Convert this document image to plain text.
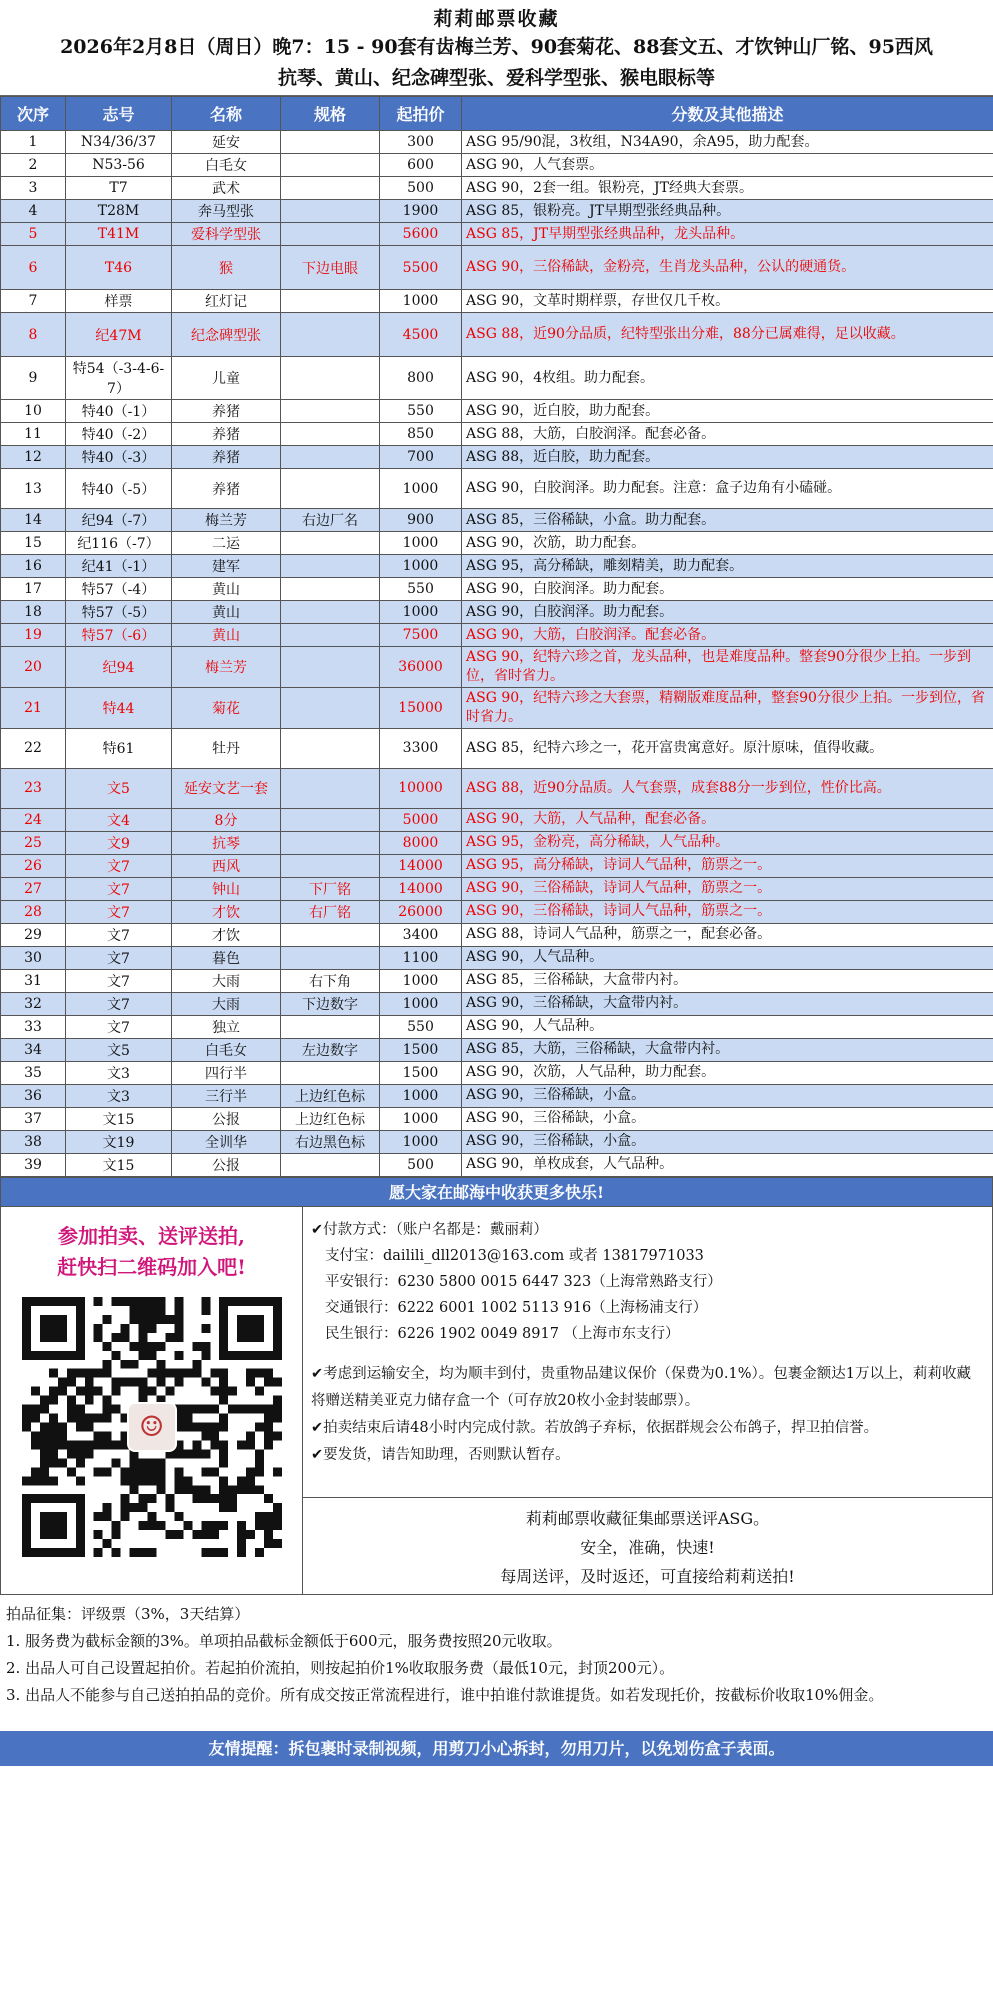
莉莉邮票收藏
2026年2月8日（周日）晚7：15 - 90套有齿梅兰芳、90套菊花、88套文五、才饮钟山厂铭、95西风
抗琴、黄山、纪念碑型张、爱科学型张、猴电眼标等
次序	志号	名称	规格	起拍价	分数及其他描述
1	N34/36/37	延安		300	ASG 95/90混，3枚组，N34A90，余A95，助力配套。
2	N53-56	白毛女		600	ASG 90，人气套票。
3	T7	武术		500	ASG 90，2套一组。银粉亮，JT经典大套票。
4	T28M	奔马型张		1900	ASG 85，银粉亮。JT早期型张经典品种。
5	T41M	爱科学型张		5600	ASG 85，JT早期型张经典品种，龙头品种。
6	T46	猴	下边电眼	5500	ASG 90，三俗稀缺，金粉亮，生肖龙头品种，公认的硬通货。
7	样票	红灯记		1000	ASG 90，文革时期样票，存世仅几千枚。
8	纪47M	纪念碑型张		4500	ASG 88，近90分品质，纪特型张出分难，88分已属难得，足以收藏。
9	特54（-3-4-6-7）	儿童		800	ASG 90，4枚组。助力配套。
10	特40（-1）	养猪		550	ASG 90，近白胶，助力配套。
11	特40（-2）	养猪		850	ASG 88，大筋，白胶润泽。配套必备。
12	特40（-3）	养猪		700	ASG 88，近白胶，助力配套。
13	特40（-5）	养猪		1000	ASG 90，白胶润泽。助力配套。注意：盒子边角有小磕碰。
14	纪94（-7）	梅兰芳	右边厂名	900	ASG 85，三俗稀缺，小盒。助力配套。
15	纪116（-7）	二运		1000	ASG 90，次筋，助力配套。
16	纪41（-1）	建军		1000	ASG 95，高分稀缺，雕刻精美，助力配套。
17	特57（-4）	黄山		550	ASG 90，白胶润泽。助力配套。
18	特57（-5）	黄山		1000	ASG 90，白胶润泽。助力配套。
19	特57（-6）	黄山		7500	ASG 90，大筋，白胶润泽。配套必备。
20	纪94	梅兰芳		36000	ASG 90，纪特六珍之首，龙头品种，也是难度品种。整套90分很少上拍。一步到位，省时省力。
21	特44	菊花		15000	ASG 90，纪特六珍之大套票，精糊版难度品种，整套90分很少上拍。一步到位，省时省力。
22	特61	牡丹		3300	ASG 85，纪特六珍之一，花开富贵寓意好。原汁原味，值得收藏。
23	文5	延安文艺一套		10000	ASG 88，近90分品质。人气套票，成套88分一步到位，性价比高。
24	文4	8分		5000	ASG 90，大筋，人气品种，配套必备。
25	文9	抗琴		8000	ASG 95，金粉亮，高分稀缺，人气品种。
26	文7	西风		14000	ASG 95，高分稀缺，诗词人气品种，筋票之一。
27	文7	钟山	下厂铭	14000	ASG 90，三俗稀缺，诗词人气品种，筋票之一。
28	文7	才饮	右厂铭	26000	ASG 90，三俗稀缺，诗词人气品种，筋票之一。
29	文7	才饮		3400	ASG 88，诗词人气品种，筋票之一，配套必备。
30	文7	暮色		1100	ASG 90，人气品种。
31	文7	大雨	右下角	1000	ASG 85，三俗稀缺，大盒带内衬。
32	文7	大雨	下边数字	1000	ASG 90，三俗稀缺，大盒带内衬。
33	文7	独立		550	ASG 90，人气品种。
34	文5	白毛女	左边数字	1500	ASG 85，大筋，三俗稀缺，大盒带内衬。
35	文3	四行半		1500	ASG 90，次筋，人气品种，助力配套。
36	文3	三行半	上边红色标	1000	ASG 90，三俗稀缺，小盒。
37	文15	公报	上边红色标	1000	ASG 90，三俗稀缺，小盒。
38	文19	全训华	右边黑色标	1000	ASG 90，三俗稀缺，小盒。
39	文15	公报		500	ASG 90，单枚成套，人气品种。
愿大家在邮海中收获更多快乐!
参加拍卖、送评送拍,
赶快扫二维码加入吧!
☺
✔付款方式：（账户名都是：戴丽莉）
支付宝：dailili_dll2013@163.com 或者 13817971033
平安银行：6230 5800 0015 6447 323（上海常熟路支行）
交通银行：6222 6001 1002 5113 916（上海杨浦支行）
民生银行：6226 1902 0049 8917 （上海市东支行）
✔考虑到运输安全，均为顺丰到付，贵重物品建议保价（保费为0.1%）。包裹金额达1万以上，莉莉收藏将赠送精美亚克力储存盒一个（可存放20枚小金封装邮票）。
✔拍卖结束后请48小时内完成付款。若放鸽子弃标，依据群规会公布鸽子，捍卫拍信誉。
✔要发货，请告知助理，否则默认暂存。
莉莉邮票收藏征集邮票送评ASG。
安全，准确，快速!
每周送评，及时返还，可直接给莉莉送拍!
拍品征集：评级票（3%，3天结算）
1. 服务费为截标金额的3%。单项拍品截标金额低于600元，服务费按照20元收取。
2. 出品人可自己设置起拍价。若起拍价流拍，则按起拍价1%收取服务费（最低10元，封顶200元）。
3. 出品人不能参与自己送拍拍品的竞价。所有成交按正常流程进行，谁中拍谁付款谁提货。如若发现托价，按截标价收取10%佣金。
友情提醒：拆包裹时录制视频，用剪刀小心拆封，勿用刀片，以免划伤盒子表面。
